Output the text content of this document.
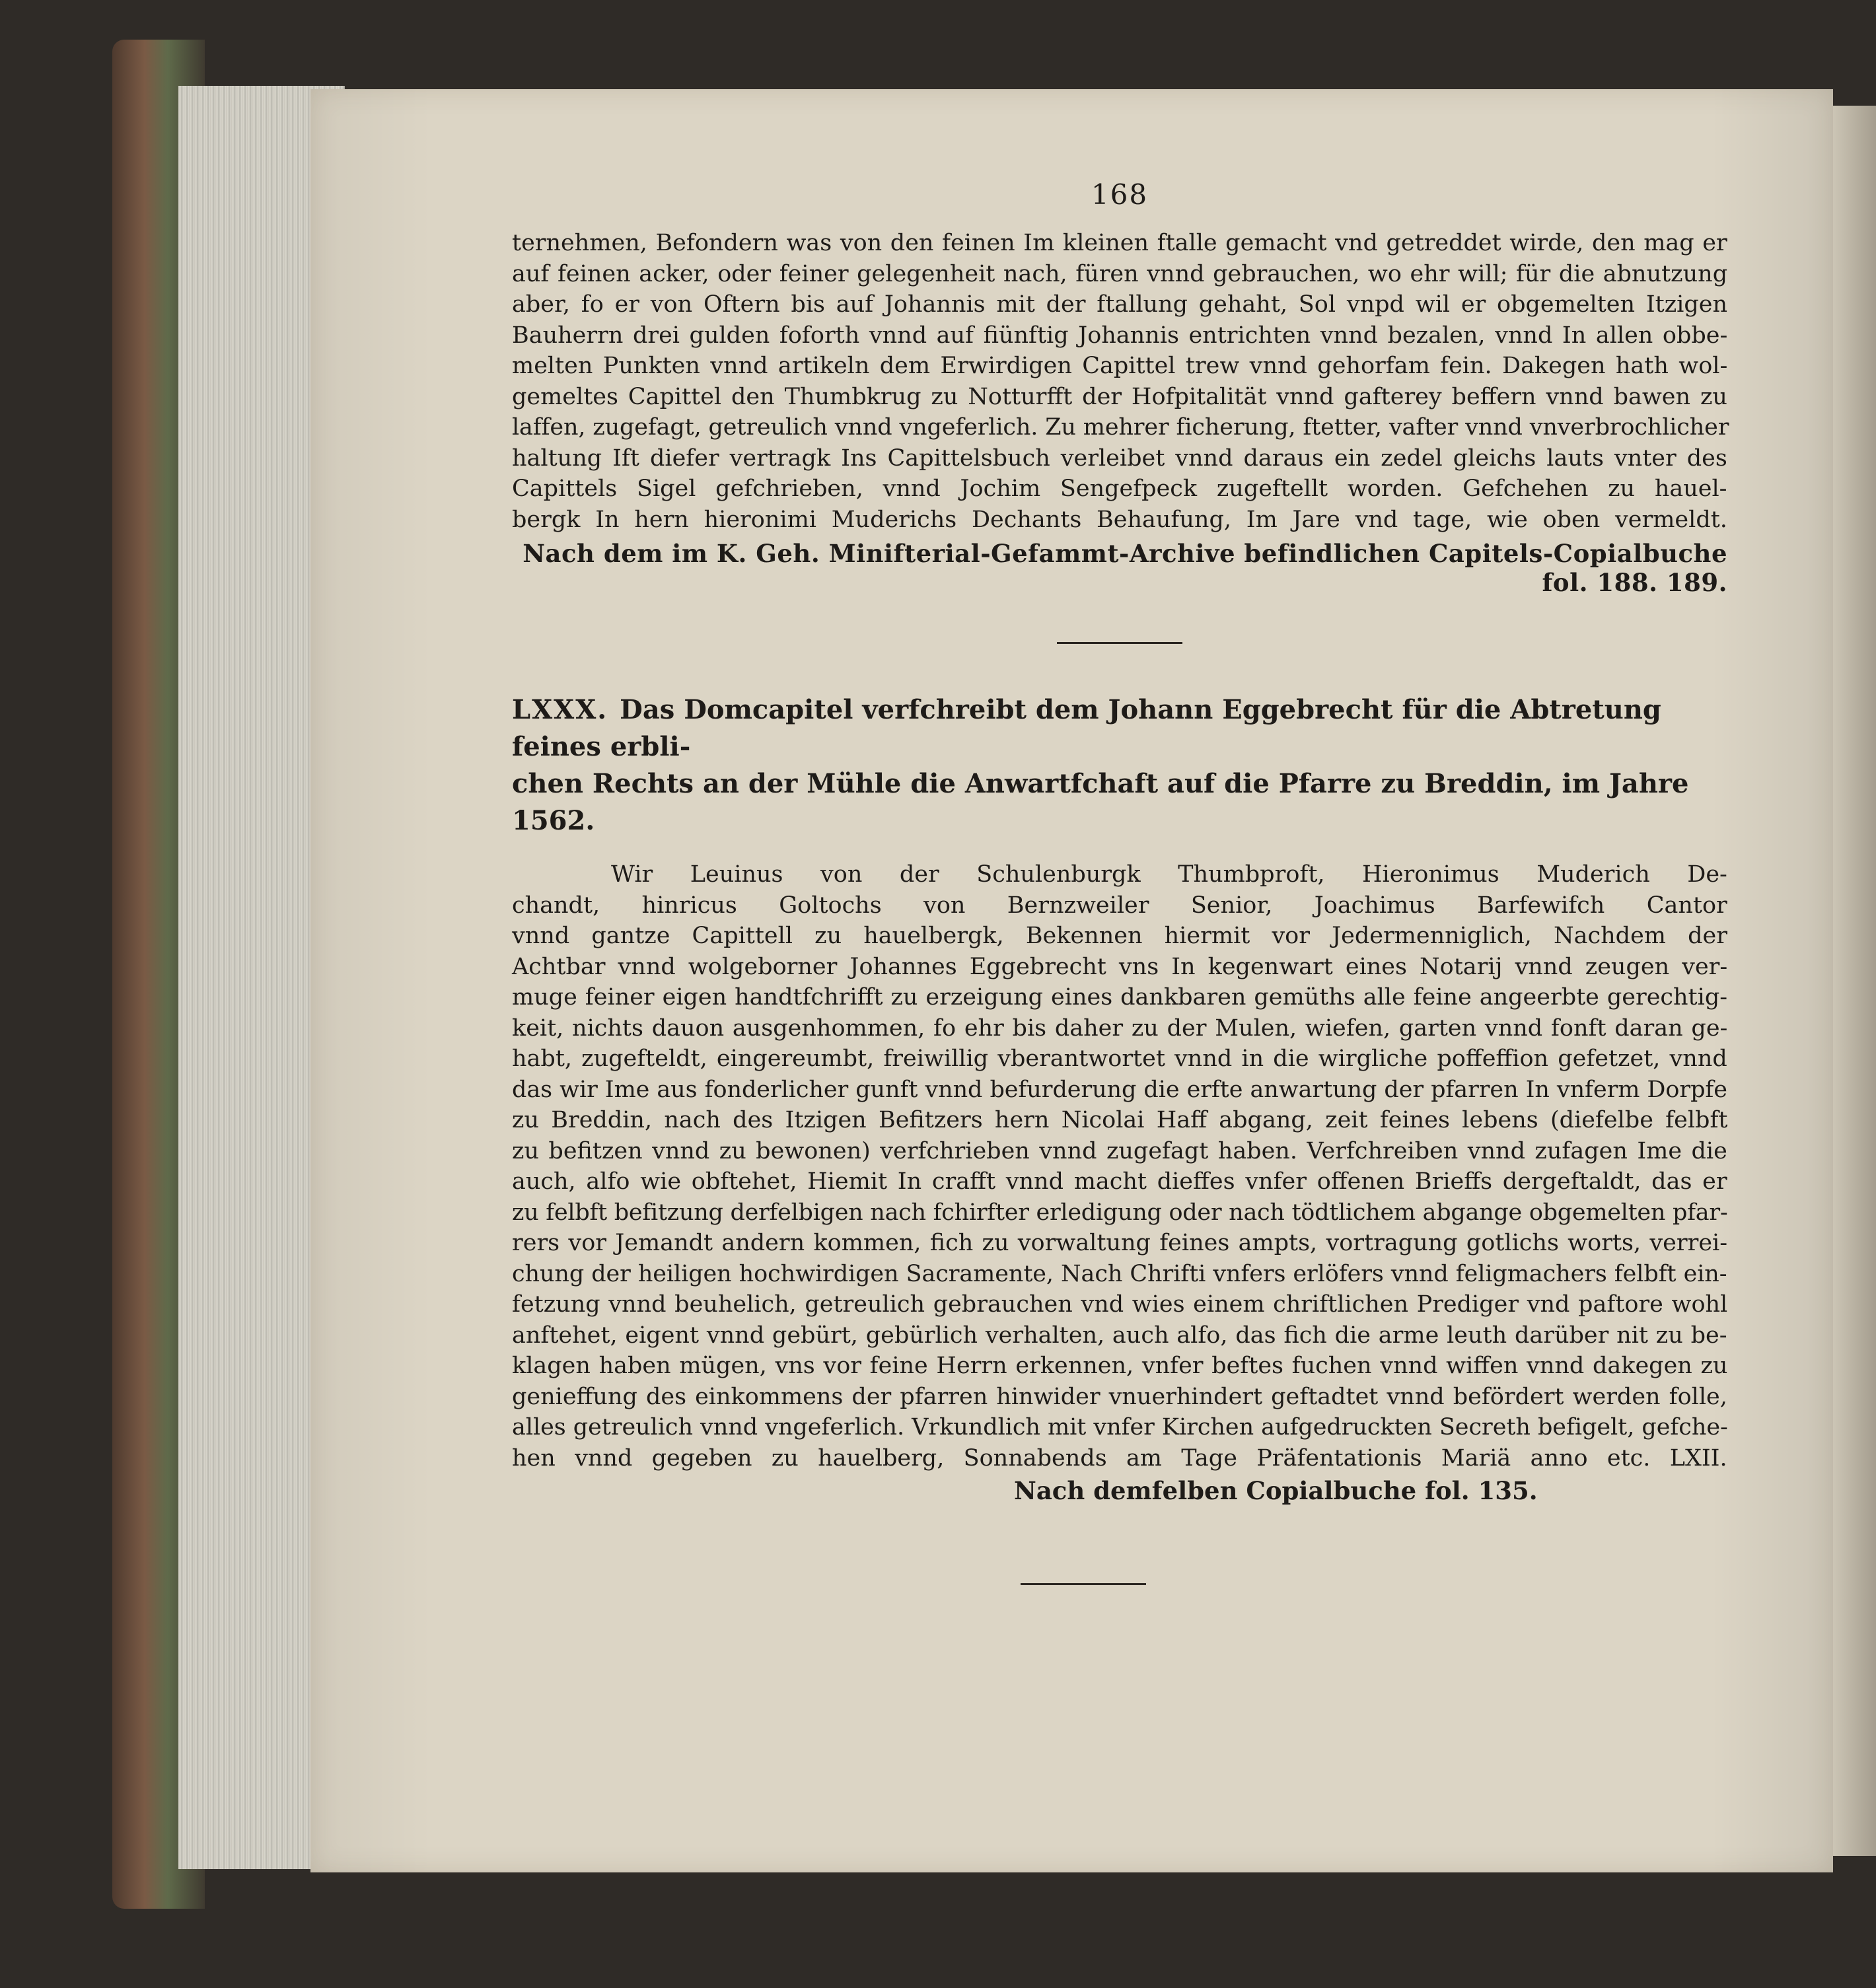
168

ternehmen, Befondern was von den feinen Im kleinen ftalle gemacht vnd getreddet wirde, den mag er
auf feinen acker, oder feiner gelegenheit nach, füren vnnd gebrauchen, wo ehr will; für die abnutzung
aber, fo er von Oftern bis auf Johannis mit der ftallung gehaht, Sol vnpd wil er obgemelten Itzigen
Bauherrn drei gulden foforth vnnd auf fiünftig Johannis entrichten vnnd bezalen, vnnd In allen obbe-
melten Punkten vnnd artikeln dem Erwirdigen Capittel trew vnnd gehorfam fein. Dakegen hath wol-
gemeltes Capittel den Thumbkrug zu Notturfft der Hofpitalität vnnd gafterey beffern vnnd bawen zu
laffen, zugefagt, getreulich vnnd vngeferlich. Zu mehrer ficherung, ftetter, vafter vnnd vnverbrochlicher
haltung Ift diefer vertragk Ins Capittelsbuch verleibet vnnd daraus ein zedel gleichs lauts vnter des
Capittels Sigel gefchrieben, vnnd Jochim Sengefpeck zugeftellt worden. Gefchehen zu hauel-
bergk In hern hieronimi Muderichs Dechants Behaufung, Im Jare vnd tage, wie oben vermeldt.

Nach dem im K. Geh. Minifterial-Gefammt-Archive befindlichen Capitels-Copialbuche fol. 188. 189.
LXXX. Das Domcapitel verfchreibt dem Johann Eggebrecht für die Abtretung feines erbli-
chen Rechts an der Mühle die Anwartfchaft auf die Pfarre zu Breddin, im Jahre 1562.

Wir Leuinus von der Schulenburgk Thumbproft, Hieronimus Muderich De-
chandt, hinricus Goltochs von Bernzweiler Senior, Joachimus Barfewifch Cantor
vnnd gantze Capittell zu hauelbergk, Bekennen hiermit vor Jedermenniglich, Nachdem der
Achtbar vnnd wolgeborner Johannes Eggebrecht vns In kegenwart eines Notarij vnnd zeugen ver-
muge feiner eigen handtfchrifft zu erzeigung eines dankbaren gemüths alle feine angeerbte gerechtig-
keit, nichts dauon ausgenhommen, fo ehr bis daher zu der Mulen, wiefen, garten vnnd fonft daran ge-
habt, zugefteldt, eingereumbt, freiwillig vberantwortet vnnd in die wirgliche poffeffion gefetzet, vnnd
das wir Ime aus fonderlicher gunft vnnd befurderung die erfte anwartung der pfarren In vnferm Dorpfe
zu Breddin, nach des Itzigen Befitzers hern Nicolai Haff abgang, zeit feines lebens (diefelbe felbft
zu befitzen vnnd zu bewonen) verfchrieben vnnd zugefagt haben. Verfchreiben vnnd zufagen Ime die
auch, alfo wie obftehet, Hiemit In crafft vnnd macht dieffes vnfer offenen Brieffs dergeftaldt, das er
zu felbft befitzung derfelbigen nach fchirfter erledigung oder nach tödtlichem abgange obgemelten pfar-
rers vor Jemandt andern kommen, fich zu vorwaltung feines ampts, vortragung gotlichs worts, verrei-
chung der heiligen hochwirdigen Sacramente, Nach Chrifti vnfers erlöfers vnnd feligmachers felbft ein-
fetzung vnnd beuhelich, getreulich gebrauchen vnd wies einem chriftlichen Prediger vnd paftore wohl
anftehet, eigent vnnd gebürt, gebürlich verhalten, auch alfo, das fich die arme leuth darüber nit zu be-
klagen haben mügen, vns vor feine Herrn erkennen, vnfer beftes fuchen vnnd wiffen vnnd dakegen zu
genieffung des einkommens der pfarren hinwider vnuerhindert geftadtet vnnd befördert werden folle,
alles getreulich vnnd vngeferlich. Vrkundlich mit vnfer Kirchen aufgedruckten Secreth befigelt, gefche-
hen vnnd gegeben zu hauelberg, Sonnabends am Tage Präfentationis Mariä anno etc. LXII.

Nach demfelben Copialbuche fol. 135.
